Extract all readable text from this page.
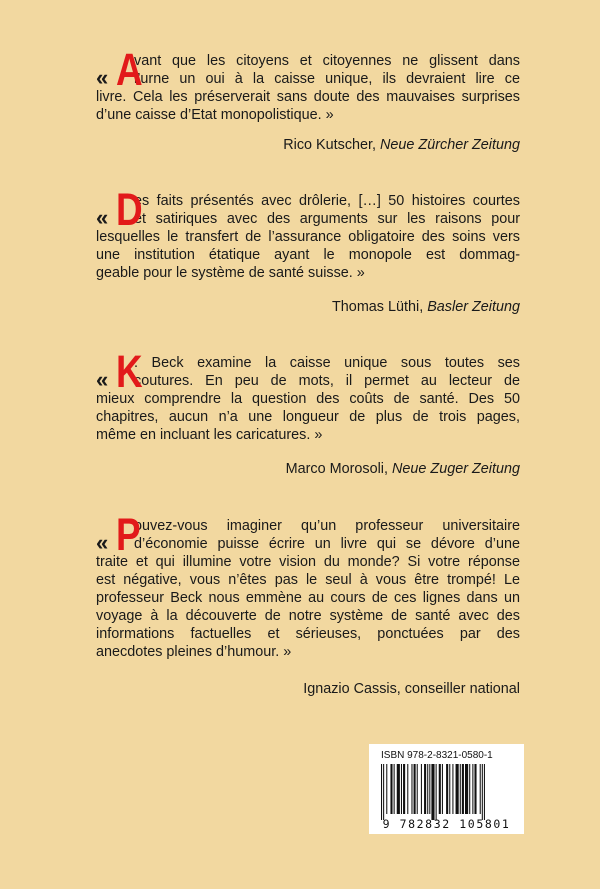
« A
vant que les citoyens et citoyennes ne glissent dans
l’urne un oui à la caisse unique, ils devraient lire ce
livre. Cela les préserverait sans doute des mauvaises surprises
d’une caisse d’Etat monopolistique. »
Rico Kutscher, Neue Zürcher Zeitung
« D
es faits présentés avec drôlerie, […] 50 histoires courtes
et satiriques avec des arguments sur les raisons pour
lesquelles le transfert de l’assurance obligatoire des soins vers
une institution étatique ayant le monopole est dommag-
geable pour le système de santé suisse. »
Thomas Lüthi, Basler Zeitung
« K
. Beck examine la caisse unique sous toutes ses
coutures. En peu de mots, il permet au lecteur de
mieux comprendre la question des coûts de santé. Des 50
chapitres, aucun n’a une longueur de plus de trois pages,
même en incluant les caricatures. »
Marco Morosoli, Neue Zuger Zeitung
« P
ouvez-vous imaginer qu’un professeur universitaire
d’économie puisse écrire un livre qui se dévore d’une
traite et qui illumine votre vision du monde? Si votre réponse
est négative, vous n’êtes pas le seul à vous être trompé! Le
professeur Beck nous emmène au cours de ces lignes dans un
voyage à la découverte de notre système de santé avec des
informations factuelles et sérieuses, ponctuées par des
anecdotes pleines d’humour. »
Ignazio Cassis, conseiller national
ISBN 978-2-8321-0580-1
9 782832 105801
